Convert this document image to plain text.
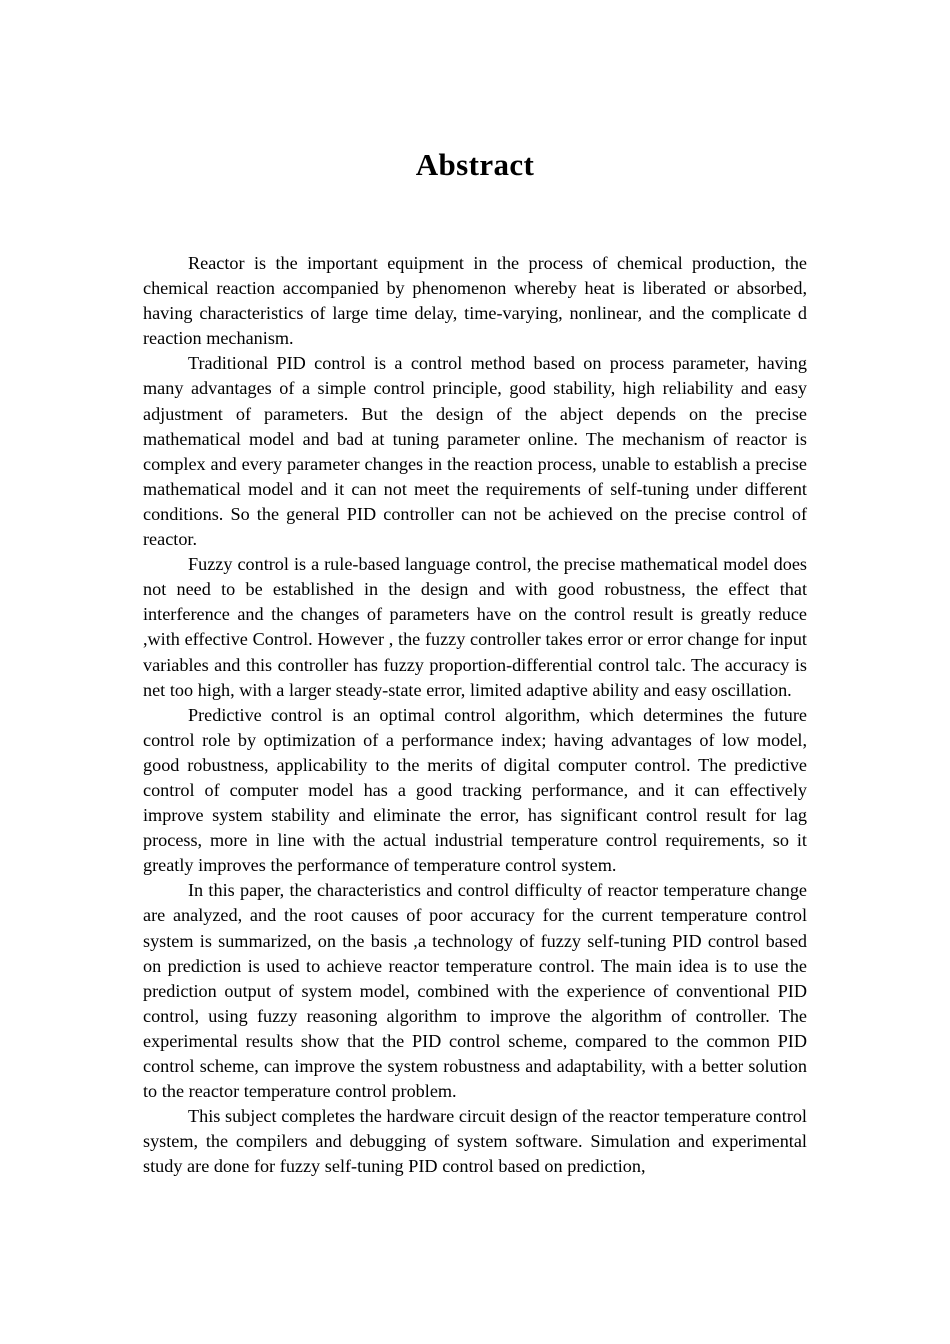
Abstract

Reactor is the important equipment in the process of chemical production, the chemical reaction accompanied by phenomenon whereby heat is liberated or absorbed, having characteristics of large time delay, time-varying, nonlinear, and the complicate d reaction mechanism.

Traditional PID control is a control method based on process parameter, having many advantages of a simple control principle, good stability, high reliability and easy adjustment of parameters. But the design of the abject depends on the precise mathematical model and bad at tuning parameter online. The mechanism of reactor is complex and every parameter changes in the reaction process, unable to establish a precise mathematical model and it can not meet the requirements of self-tuning under different conditions. So the general PID controller can not be achieved on the precise control of reactor.

Fuzzy control is a rule-based language control, the precise mathematical model does not need to be established in the design and with good robustness, the effect that interference and the changes of parameters have on the control result is greatly reduce ,with effective Control. However , the fuzzy controller takes error or error change for input variables and this controller has fuzzy proportion-differential control talc. The accuracy is net too high, with a larger steady-state error, limited adaptive ability and easy oscillation.

Predictive control is an optimal control algorithm, which determines the future control role by optimization of a performance index; having advantages of low model, good robustness, applicability to the merits of digital computer control. The predictive control of computer model has a good tracking performance, and it can effectively improve system stability and eliminate the error, has significant control result for lag process, more in line with the actual industrial temperature control requirements, so it greatly improves the performance of temperature control system.

In this paper, the characteristics and control difficulty of reactor temperature change are analyzed, and the root causes of poor accuracy for the current temperature control system is summarized, on the basis ,a technology of fuzzy self-tuning PID control based on prediction is used to achieve reactor temperature control. The main idea is to use the prediction output of system model, combined with the experience of conventional PID control, using fuzzy reasoning algorithm to improve the algorithm of controller. The experimental results show that the PID control scheme, compared to the common PID control scheme, can improve the system robustness and adaptability, with a better solution to the reactor temperature control problem.

This subject completes the hardware circuit design of the reactor temperature control system, the compilers and debugging of system software. Simulation and experimental study are done for fuzzy self-tuning PID control based on prediction,
